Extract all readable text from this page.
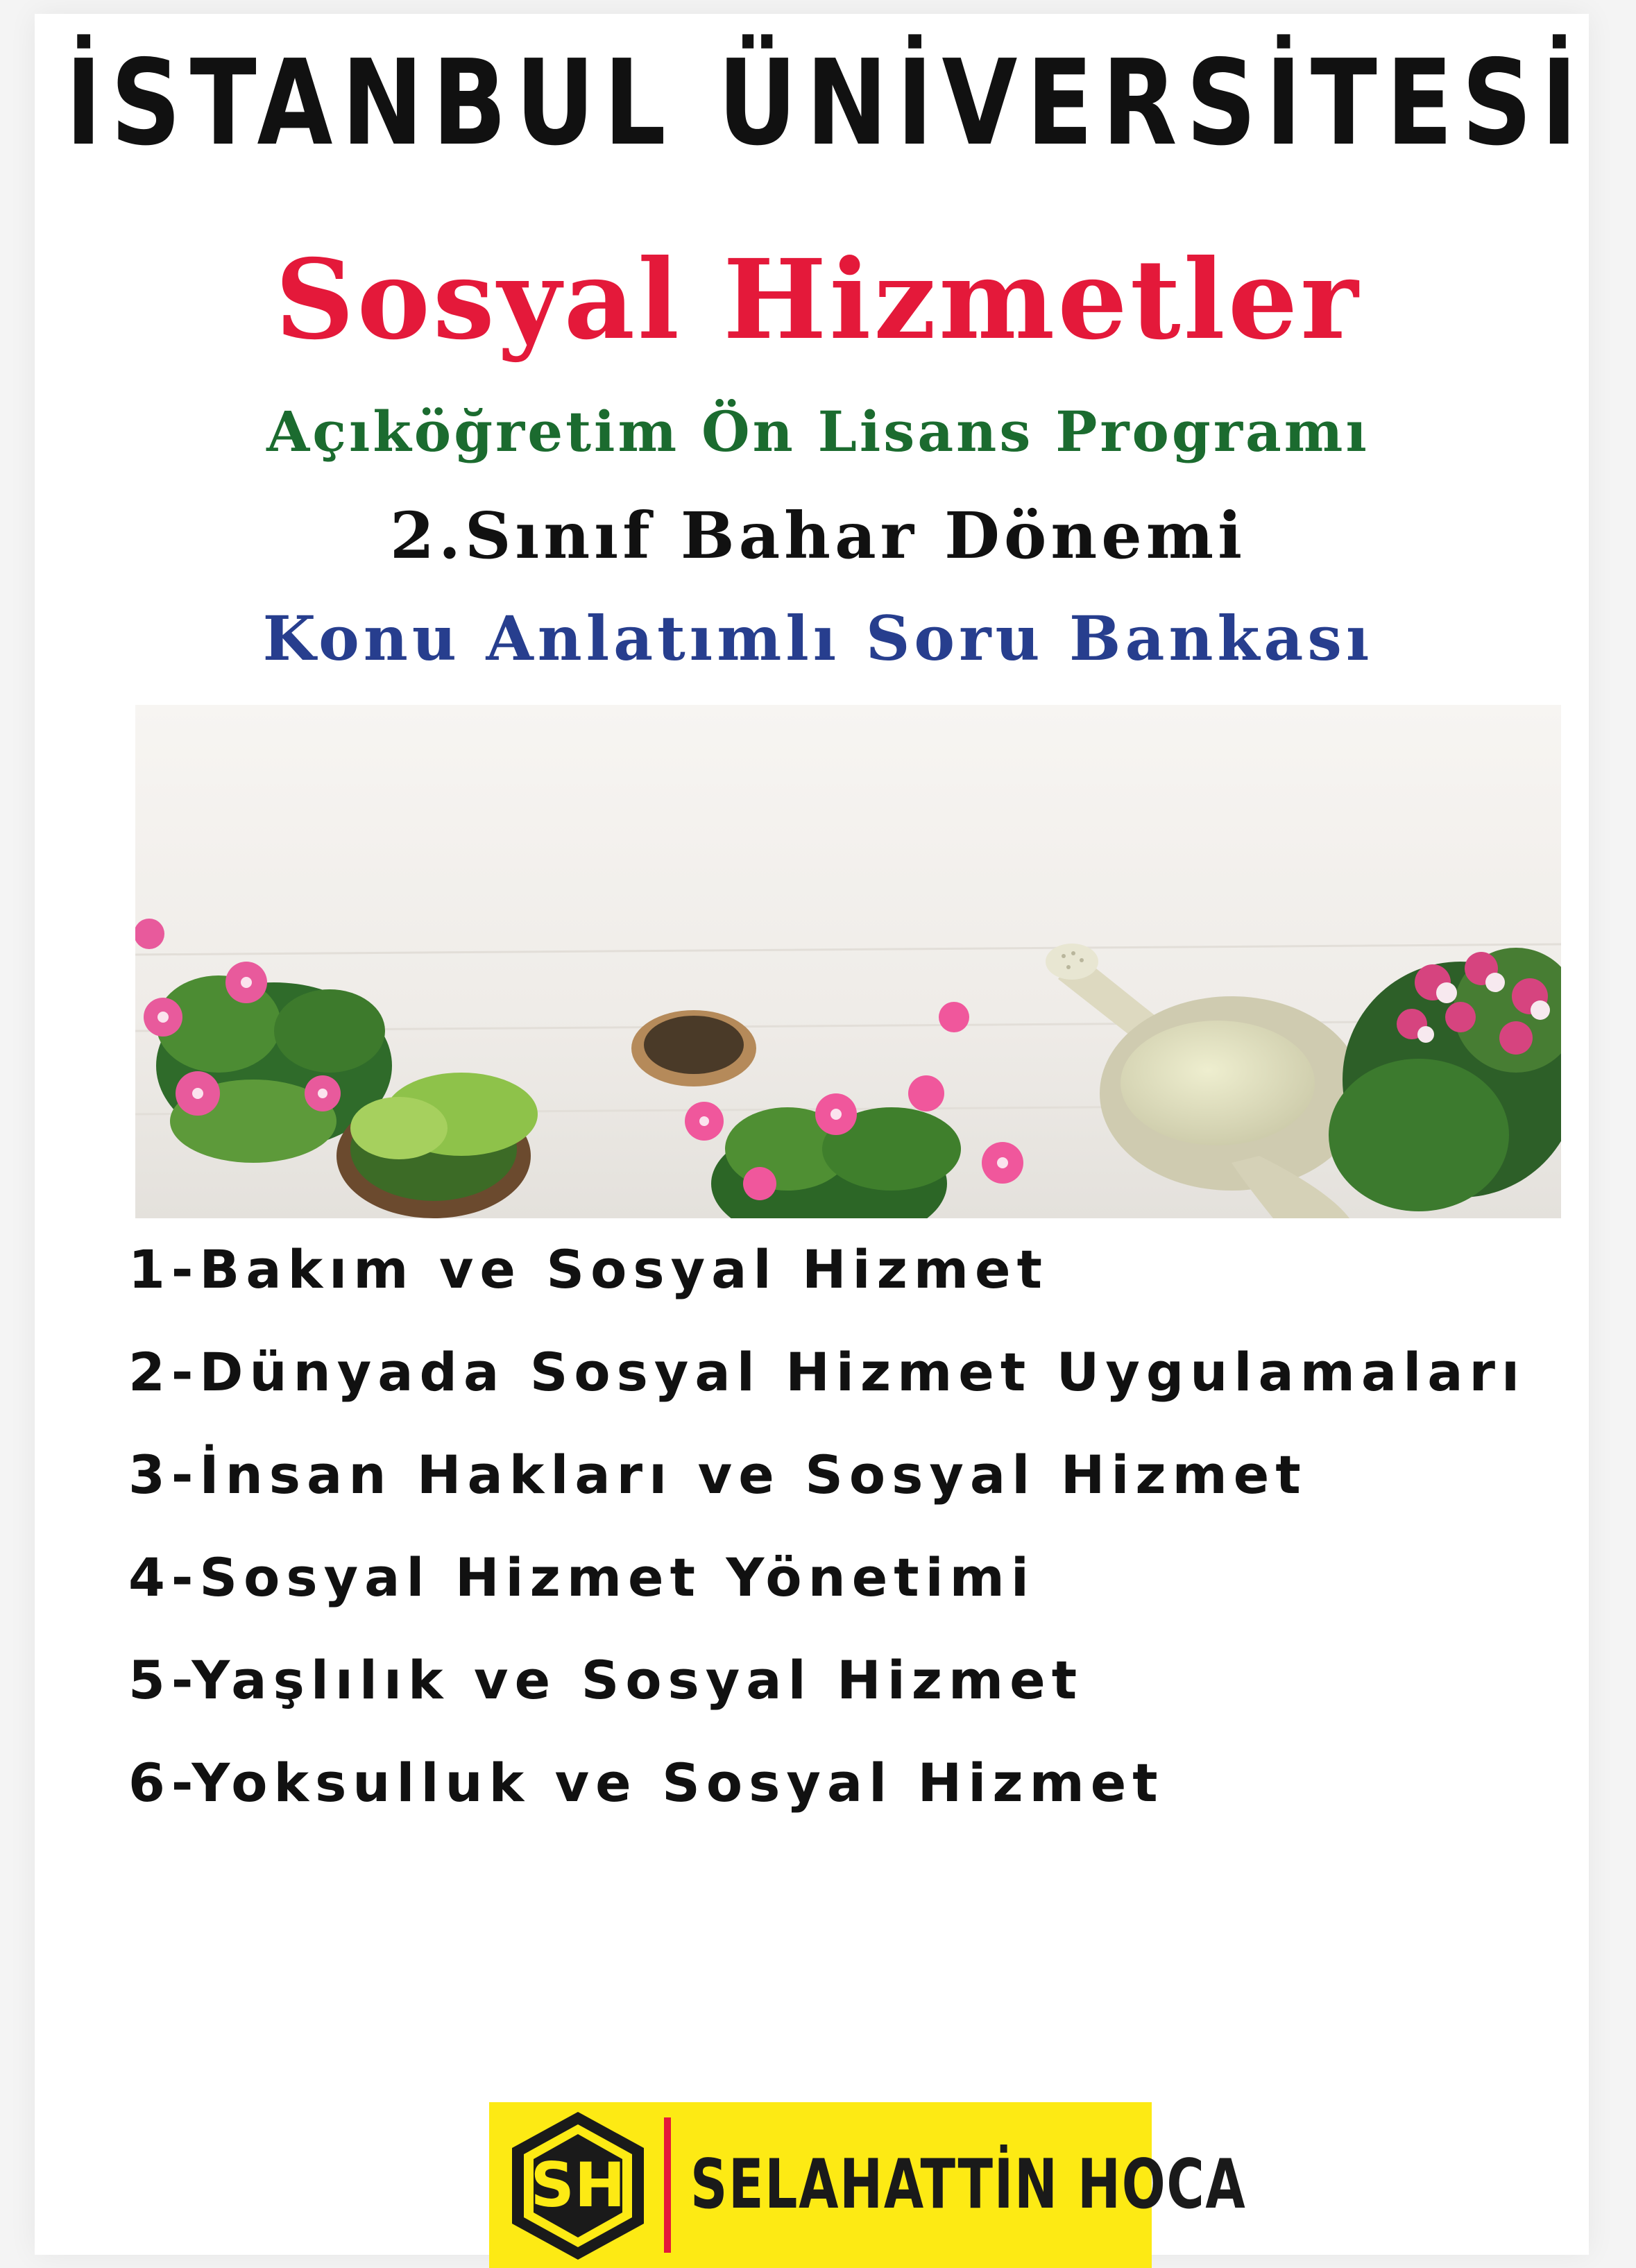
İSTANBUL ÜNİVERSİTESİ
Sosyal Hizmetler
Açıköğretim Ön Lisans Programı
2.Sınıf Bahar Dönemi
Konu Anlatımlı Soru Bankası
1-Bakım ve Sosyal Hizmet
2-Dünyada Sosyal Hizmet Uygulamaları
3-İnsan Hakları ve Sosyal Hizmet
4-Sosyal Hizmet Yönetimi
5-Yaşlılık ve Sosyal Hizmet
6-Yoksulluk ve Sosyal Hizmet
SH SELAHATTİN HOCA
